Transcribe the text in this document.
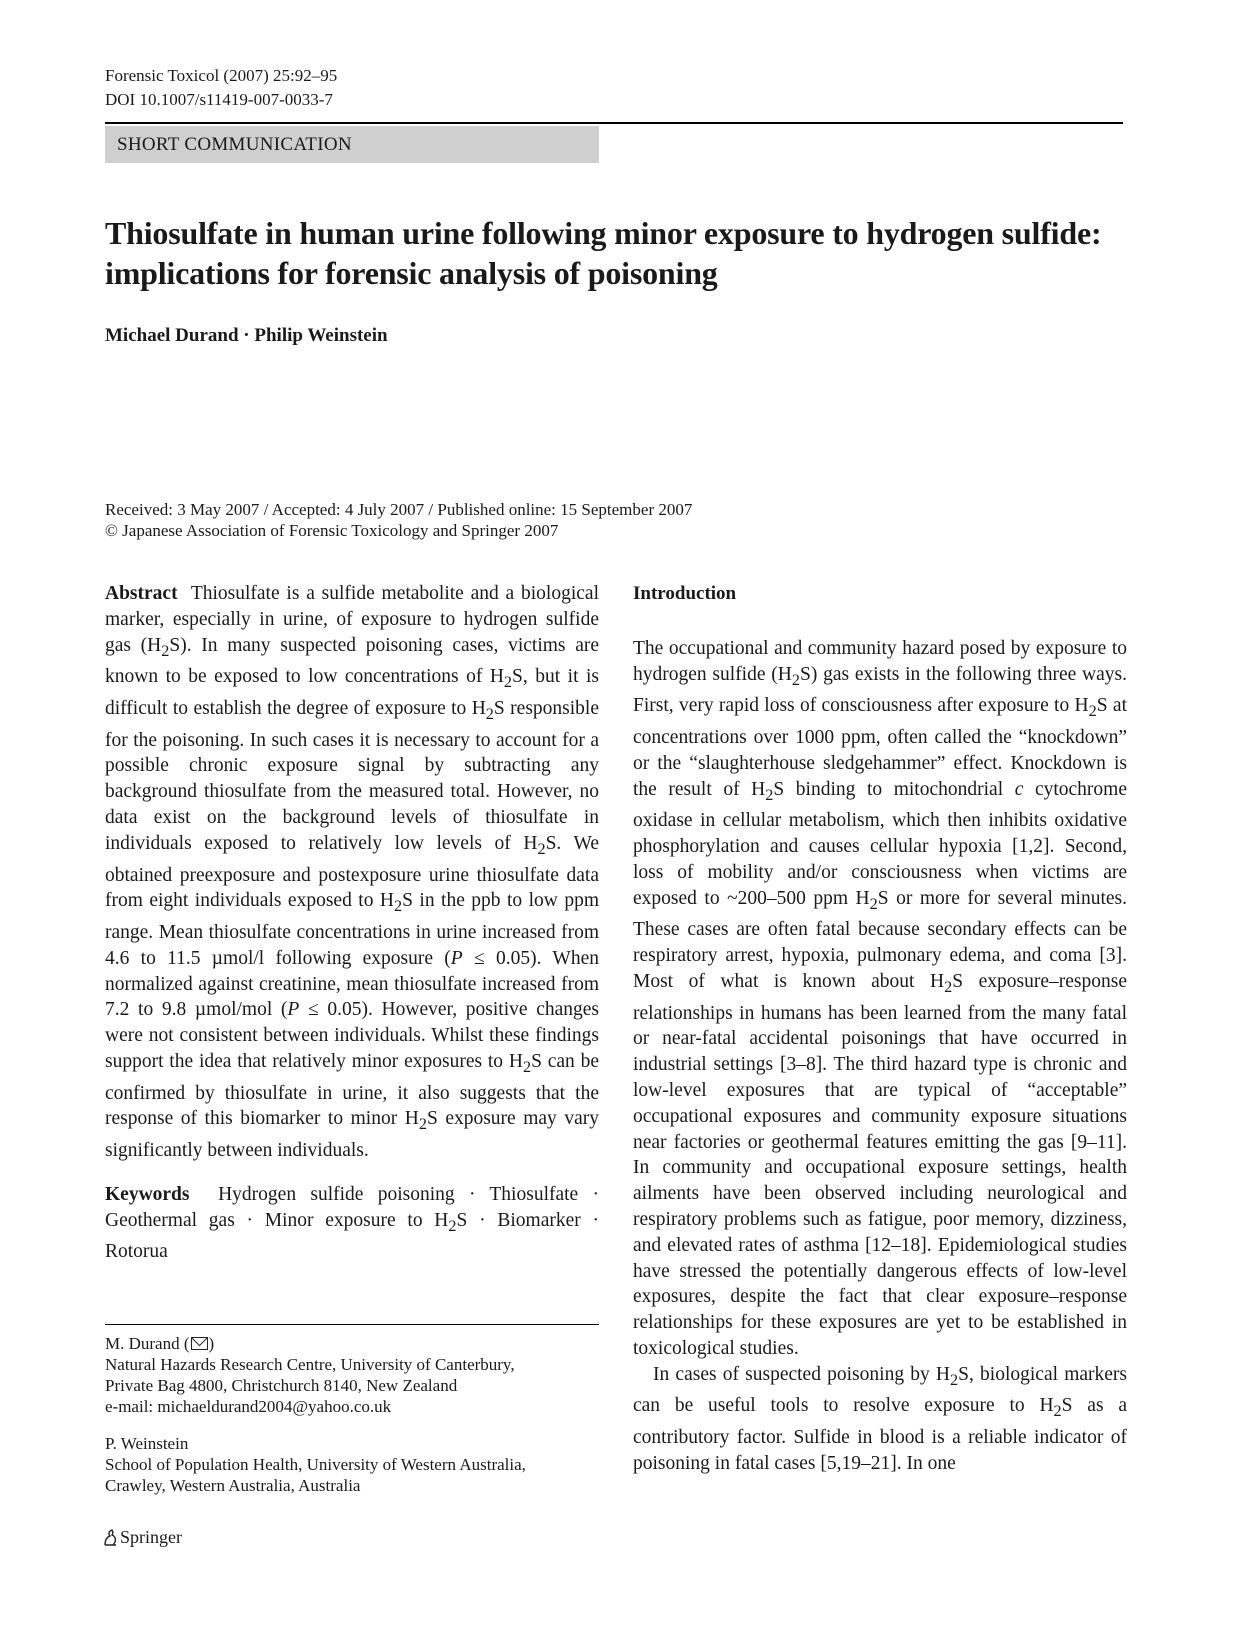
Forensic Toxicol (2007) 25:92–95
DOI 10.1007/s11419-007-0033-7
SHORT COMMUNICATION
Thiosulfate in human urine following minor exposure to hydrogen sulfide: implications for forensic analysis of poisoning
Michael Durand · Philip Weinstein
Received: 3 May 2007 / Accepted: 4 July 2007 / Published online: 15 September 2007
© Japanese Association of Forensic Toxicology and Springer 2007

Abstract Thiosulfate is a sulfide metabolite and a biological marker, especially in urine, of exposure to hydrogen sulfide gas $(H_2S)$. In many suspected poisoning cases, victims are known to be exposed to low concentrations of $H_2S$, but it is difficult to establish the degree of exposure to $H_2S$ responsible for the poisoning. In such cases it is necessary to account for a possible chronic exposure signal by subtracting any background thiosulfate from the measured total. However, no data exist on the background levels of thiosulfate in individuals exposed to relatively low levels of $H_2S$. We obtained preexposure and postexposure urine thiosulfate data from eight individuals exposed to $H_2S$ in the ppb to low ppm range. Mean thiosulfate concentrations in urine increased from 4.6 to 11.5 µmol/l following exposure (P ≤ 0.05). When normalized against creatinine, mean thiosulfate increased from 7.2 to 9.8 µmol/mol (P ≤ 0.05). However, positive changes were not consistent between individuals. Whilst these findings support the idea that relatively minor exposures to $H_2S$ can be confirmed by thiosulfate in urine, it also suggests that the response of this biomarker to minor $H_2S$ exposure may vary significantly between individuals.

Keywords Hydrogen sulfide poisoning · Thiosulfate · Geothermal gas · Minor exposure to $H_2S$ · Biomarker · Rotorua

M. Durand ( )
Natural Hazards Research Centre, University of Canterbury,
Private Bag 4800, Christchurch 8140, New Zealand
e-mail: michaeldurand2004@yahoo.co.uk
P. Weinstein
School of Population Health, University of Western Australia,
Crawley, Western Australia, Australia

Introduction

The occupational and community hazard posed by exposure to hydrogen sulfide $(H_2S)$ gas exists in the following three ways. First, very rapid loss of consciousness after exposure to $H_2S$ at concentrations over 1000 ppm, often called the “knockdown” or the “slaughterhouse sledgehammer” effect. Knockdown is the result of $H_2S$ binding to mitochondrial c cytochrome oxidase in cellular metabolism, which then inhibits oxidative phosphorylation and causes cellular hypoxia [1,2]. Second, loss of mobility and/or consciousness when victims are exposed to ~200–500 ppm $H_2S$ or more for several minutes. These cases are often fatal because secondary effects can be respiratory arrest, hypoxia, pulmonary edema, and coma [3]. Most of what is known about $H_2S$ exposure–response relationships in humans has been learned from the many fatal or near-fatal accidental poisonings that have occurred in industrial settings [3–8]. The third hazard type is chronic and low-level exposures that are typical of “acceptable” occupational exposures and community exposure situations near factories or geothermal features emitting the gas [9–11]. In community and occupational exposure settings, health ailments have been observed including neurological and respiratory problems such as fatigue, poor memory, dizziness, and elevated rates of asthma [12–18]. Epidemiological studies have stressed the potentially dangerous effects of low-level exposures, despite the fact that clear exposure–response relationships for these exposures are yet to be established in toxicological studies.

In cases of suspected poisoning by $H_2S$, biological markers can be useful tools to resolve exposure to $H_2S$ as a contributory factor. Sulfide in blood is a reliable indicator of poisoning in fatal cases [5,19–21]. In one

Springer
